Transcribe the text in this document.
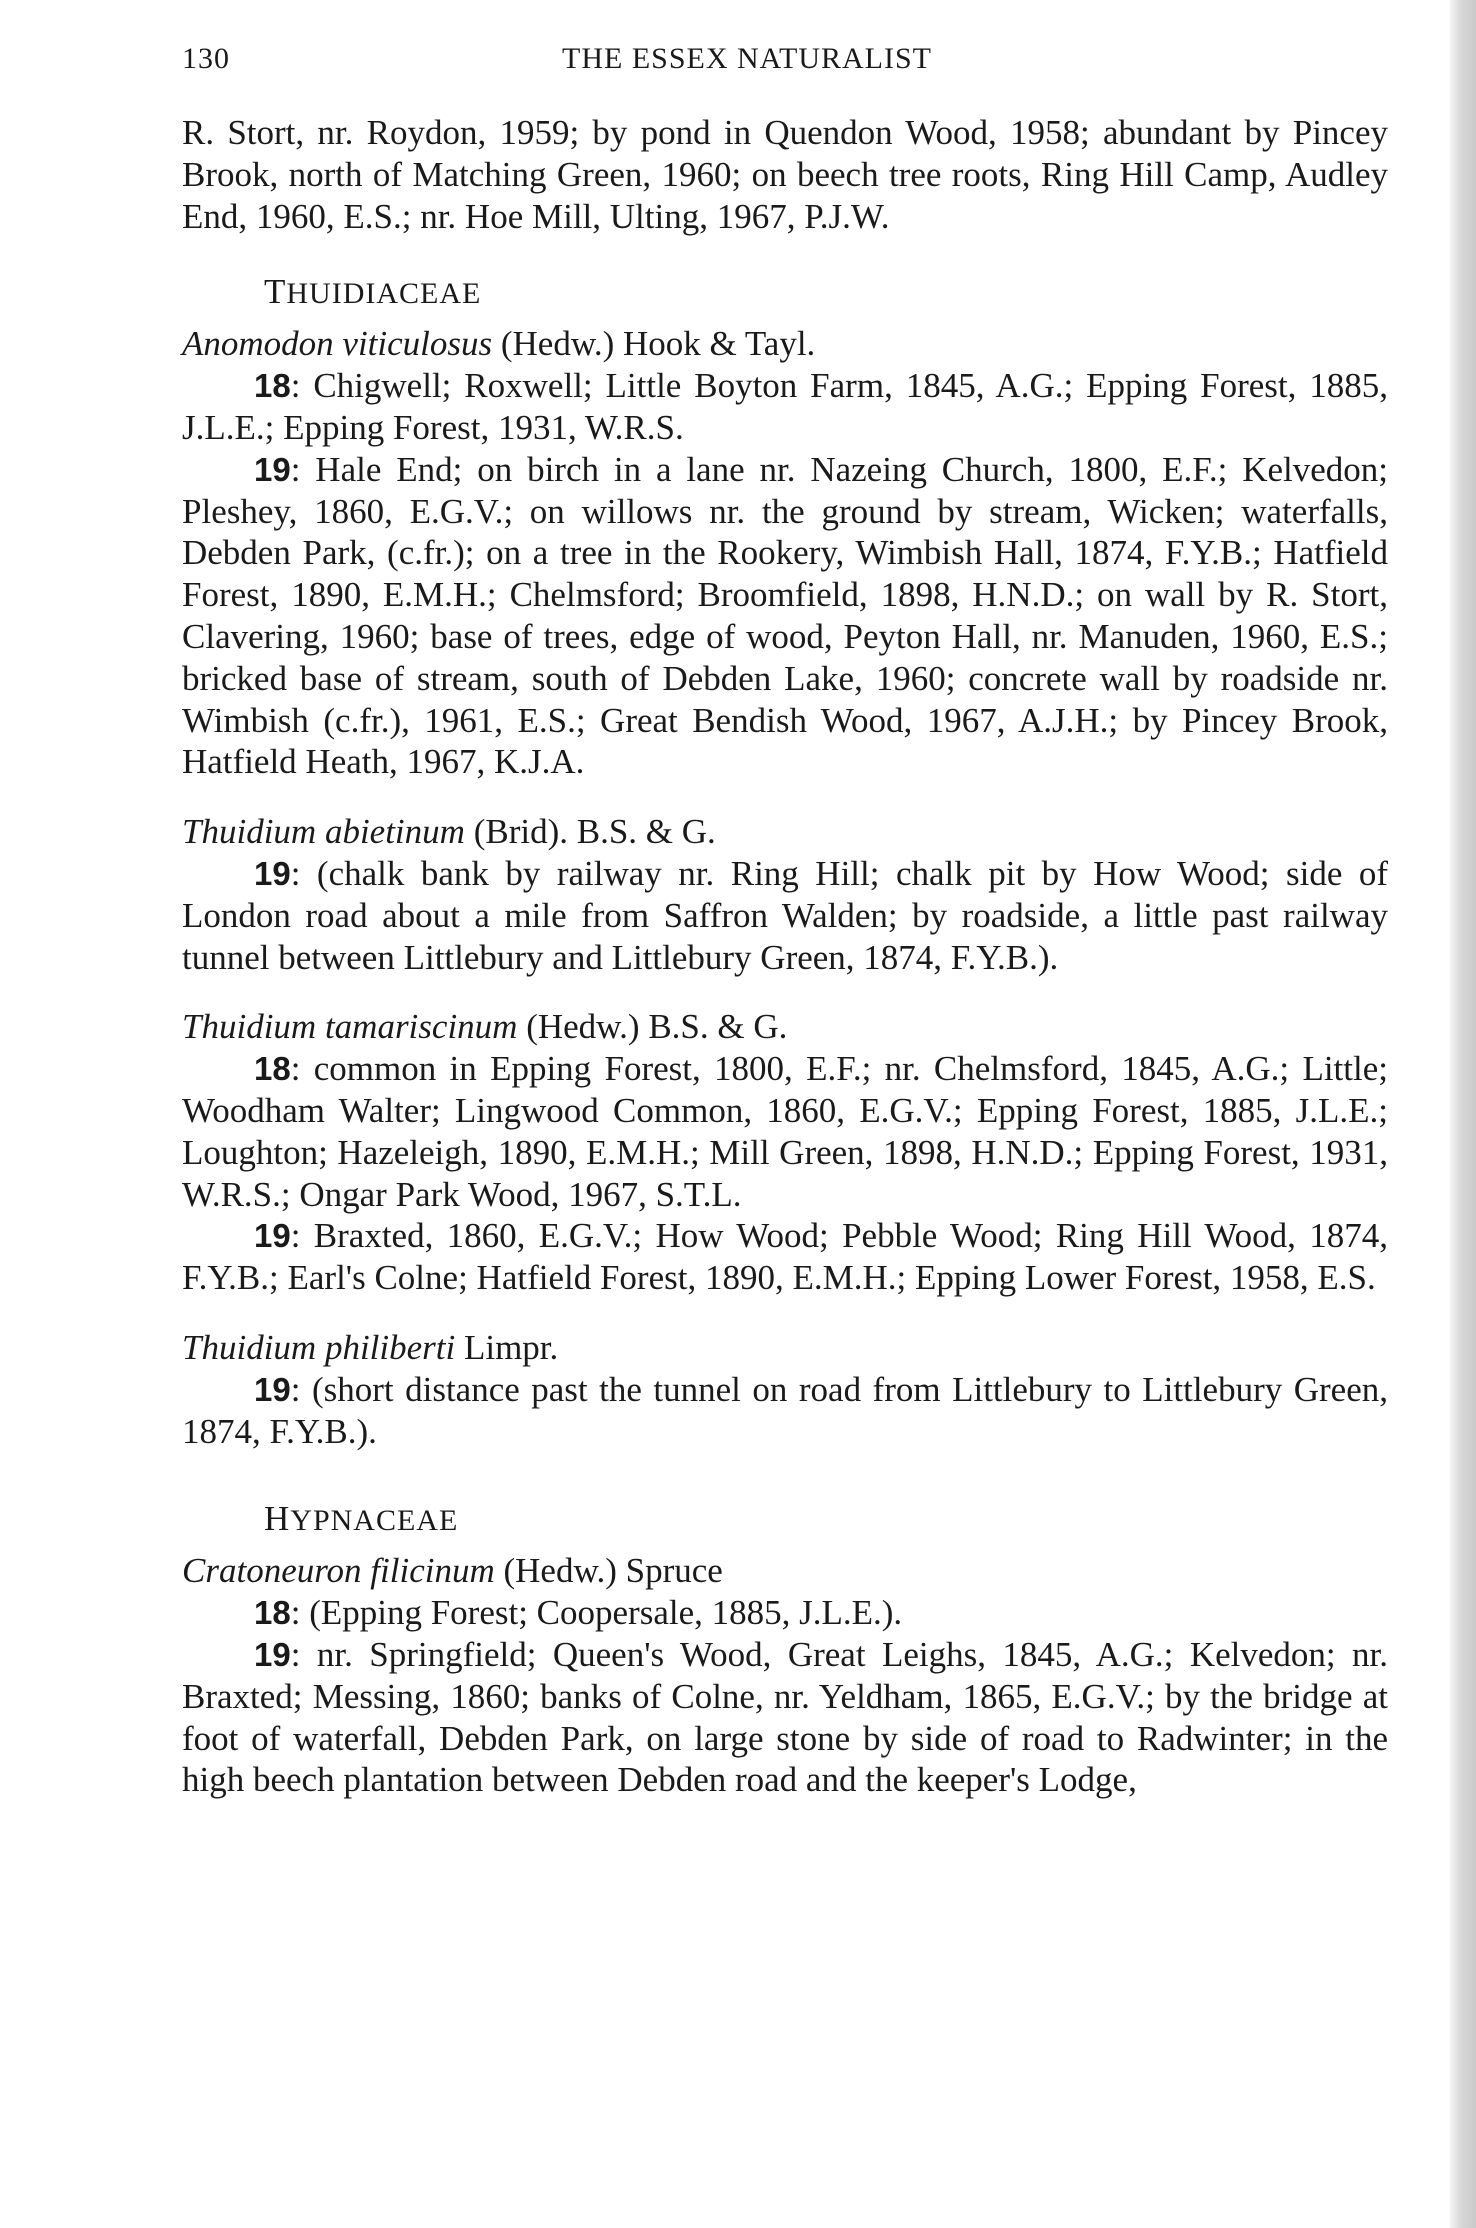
130	THE ESSEX NATURALIST

R. Stort, nr. Roydon, 1959; by pond in Quendon Wood, 1958; abundant by Pincey Brook, north of Matching Green, 1960; on beech tree roots, Ring Hill Camp, Audley End, 1960, E.S.; nr. Hoe Mill, Ulting, 1967, P.J.W.

THUIDIACEAE

Anomodon viticulosus (Hedw.) Hook & Tayl.

18: Chigwell; Roxwell; Little Boyton Farm, 1845, A.G.; Epping Forest, 1885, J.L.E.; Epping Forest, 1931, W.R.S.

19: Hale End; on birch in a lane nr. Nazeing Church, 1800, E.F.; Kelvedon; Pleshey, 1860, E.G.V.; on willows nr. the ground by stream, Wicken; waterfalls, Debden Park, (c.fr.); on a tree in the Rookery, Wimbish Hall, 1874, F.Y.B.; Hatfield Forest, 1890, E.M.H.; Chelmsford; Broomfield, 1898, H.N.D.; on wall by R. Stort, Clavering, 1960; base of trees, edge of wood, Peyton Hall, nr. Manuden, 1960, E.S.; bricked base of stream, south of Debden Lake, 1960; concrete wall by roadside nr. Wimbish (c.fr.), 1961, E.S.; Great Bendish Wood, 1967, A.J.H.; by Pincey Brook, Hatfield Heath, 1967, K.J.A.

Thuidium abietinum (Brid). B.S. & G.

19: (chalk bank by railway nr. Ring Hill; chalk pit by How Wood; side of London road about a mile from Saffron Walden; by roadside, a little past railway tunnel between Littlebury and Littlebury Green, 1874, F.Y.B.).

Thuidium tamariscinum (Hedw.) B.S. & G.

18: common in Epping Forest, 1800, E.F.; nr. Chelmsford, 1845, A.G.; Little; Woodham Walter; Lingwood Common, 1860, E.G.V.; Epping Forest, 1885, J.L.E.; Loughton; Hazeleigh, 1890, E.M.H.; Mill Green, 1898, H.N.D.; Epping Forest, 1931, W.R.S.; Ongar Park Wood, 1967, S.T.L.

19: Braxted, 1860, E.G.V.; How Wood; Pebble Wood; Ring Hill Wood, 1874, F.Y.B.; Earl's Colne; Hatfield Forest, 1890, E.M.H.; Epping Lower Forest, 1958, E.S.

Thuidium philiberti Limpr.

19: (short distance past the tunnel on road from Littlebury to Littlebury Green, 1874, F.Y.B.).

HYPNACEAE

Cratoneuron filicinum (Hedw.) Spruce

18: (Epping Forest; Coopersale, 1885, J.L.E.).

19: nr. Springfield; Queen's Wood, Great Leighs, 1845, A.G.; Kelvedon; nr. Braxted; Messing, 1860; banks of Colne, nr. Yeldham, 1865, E.G.V.; by the bridge at foot of waterfall, Debden Park, on large stone by side of road to Radwinter; in the high beech plantation between Debden road and the keeper's Lodge,
